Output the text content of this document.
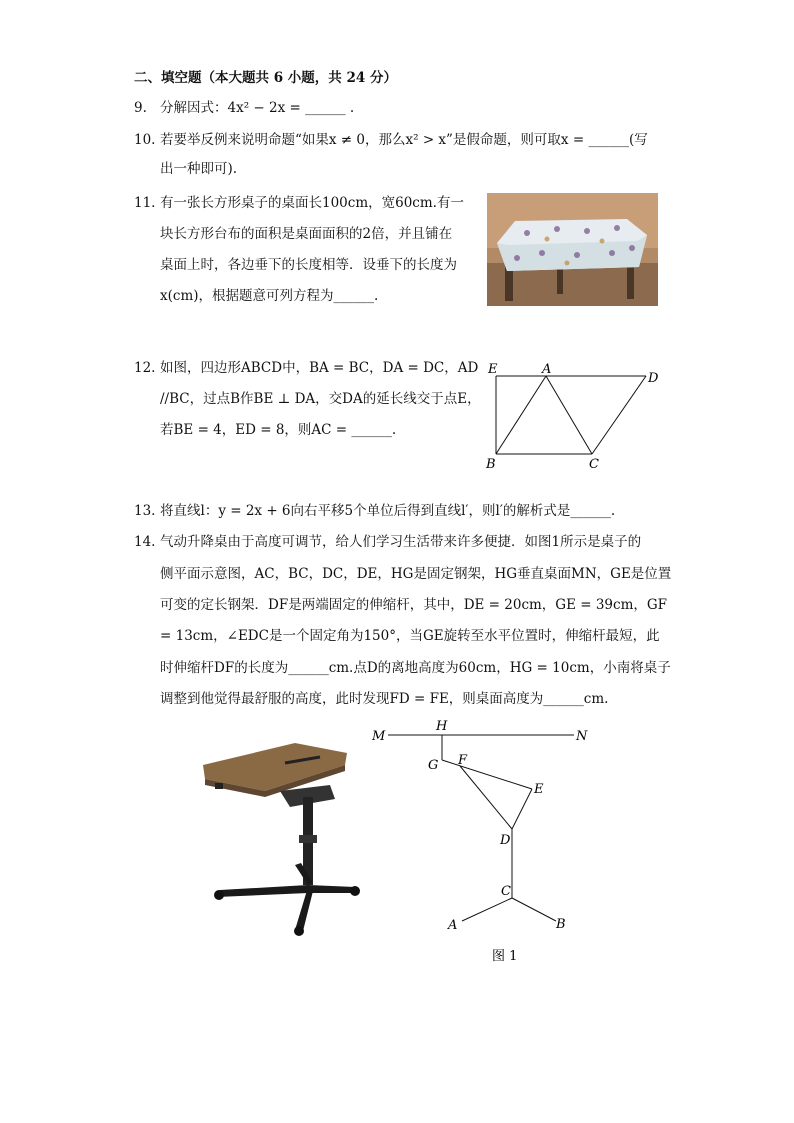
二、填空题（本大题共 6 小题，共 24 分）
9. 分解因式：4x² − 2x = ______ .
10. 若要举反例来说明命题“如果x ≠ 0，那么x² > x”是假命题，则可取x = ______(写
出一种即可).
11. 有一张长方形桌子的桌面长100cm，宽60cm.有一
块长方形台布的面积是桌面面积的2倍，并且铺在
桌面上时，各边垂下的长度相等．设垂下的长度为
x(cm)，根据题意可列方程为______.
12. 如图，四边形ABCD中，BA = BC，DA = DC，AD
//BC，过点B作BE ⊥ DA，交DA的延长线交于点E，
若BE = 4，ED = 8，则AC = ______.
E	A
D
B	C
13. 将直线l：y = 2x + 6向右平移5个单位后得到直线l′，则l′的解析式是______.
14. 气动升降桌由于高度可调节，给人们学习生活带来许多便捷．如图1所示是桌子的
侧平面示意图，AC，BC，DC，DE，HG是固定钢架，HG垂直桌面MN，GE是位置
可变的定长钢架．DF是两端固定的伸缩杆，其中，DE = 20cm，GE = 39cm，GF
= 13cm，∠EDC是一个固定角为150°，当GE旋转至水平位置时，伸缩杆最短，此
时伸缩杆DF的长度为______cm.点D的离地高度为60cm，HG = 10cm，小南将桌子
调整到他觉得最舒服的高度，此时发现FD = FE，则桌面高度为______cm.
M
H
N
G F
E
D
C
A	B
图 1
